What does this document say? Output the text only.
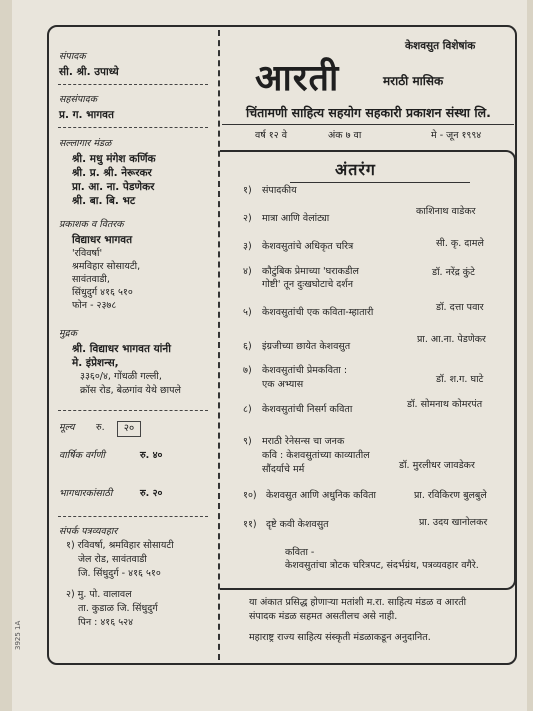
केशवसुत विशेषांक
संपादक
सी. श्री. उपाध्ये
सहसंपादक
प्र. ग. भागवत
सल्लागार मंडळ
श्री. मधु मंगेश कर्णिक
श्री. प्र. श्री. नेरूरकर
प्रा. आ. ना. पेडणेकर
श्री. बा. बि. भट
प्रकाशक व वितरक
विद्याधर भागवत
'रविवर्षा'
श्रमविहार सोसायटी,
सावंतवाडी,
सिंधुदुर्ग ४१६ ५१०
फोन - २३७८
मुद्रक
श्री. विद्याधर भागवत यांनी
मे. इंप्रेशन्स,
३३६०/४, गोंधळी गल्ली,
क्रॉस रोड, बेळगांव येथे छापले
मूल्य रु.	२०
वार्षिक वर्गणी	रु. ४०
भागधारकांसाठी	रु. २०
संपर्क पत्रव्यवहार
१) रविवर्षा, श्रमविहार सोसायटी
जेल रोड, सावंतवाडी
जि. सिंधुदुर्ग - ४१६ ५१०
२) मु. पो. वालावल
ता. कुडाळ जि. सिंधुदुर्ग
पिन : ४१६ ५२४
आरती	मराठी मासिक
चिंतामणी साहित्य सहयोग सहकारी प्रकाशन संस्था लि.
वर्ष १२ वे	अंक ७ वा	मे - जून १९९४
अंतरंग
१) संपादकीय
२) मात्रा आणि वेलांट्या
काशिनाथ वाडेकर
३) केशवसुतांचे अधिकृत चरित्र	सी. कृ. दामले
४) कौटुंबिक प्रेमाच्या 'घराकडील
गोष्टी' तून दुःखघोटाचे दर्शन
डॉ. नरेंद्र कुंटे
५) केशवसुतांची एक कविता-म्हातारी	डॉ. दत्ता पवार
६) इंग्रजीच्या छायेत केशवसुत
प्रा. आ.ना. पेडणेकर
७) केशवसुतांची प्रेमकविता :
एक अभ्यास	डॉ. श.ग. घाटे
८) केशवसुतांची निसर्ग कविता	डॉ. सोमनाथ कोमरपंत
९) मराठी रेनेसन्स चा जनक
कवि : केशवसुतांच्या काव्यातील
सौंदर्याचे मर्म	डॉ. मुरलीधर जावडेकर
१०) केशवसुत आणि अधुनिक कविता	प्रा. रविकिरण बुलबुले
११) दृष्टे कवी केशवसुत	प्रा. उदय खानोलकर
कविता -
केशवसुतांचा त्रोटक चरित्रपट, संदर्भग्रंथ, पत्रव्यवहार वगैरे.
या अंकात प्रसिद्ध होणाऱ्या मतांशी म.रा. साहित्य मंडळ व आरती
संपादक मंडळ सहमत असतीलच असे नाही.
महाराष्ट्र राज्य साहित्य संस्कृती मंडळाकडून अनुदानित.
3925 1A
